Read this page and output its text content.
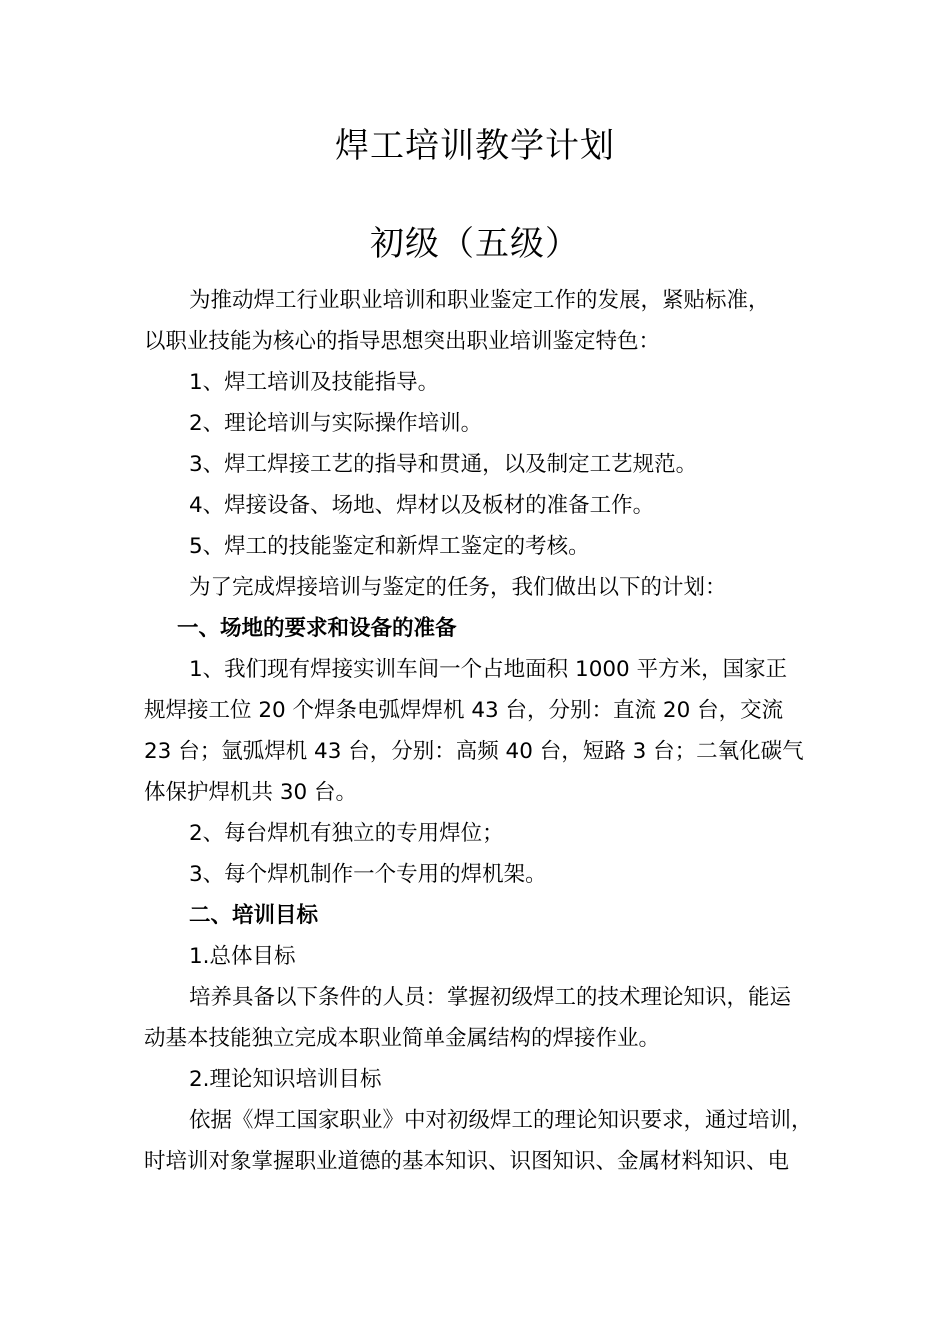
焊工培训教学计划
初级（五级）
为推动焊工行业职业培训和职业鉴定工作的发展，紧贴标准，
以职业技能为核心的指导思想突出职业培训鉴定特色：
1、焊工培训及技能指导。
2、理论培训与实际操作培训。
3、焊工焊接工艺的指导和贯通，以及制定工艺规范。
4、焊接设备、场地、焊材以及板材的准备工作。
5、焊工的技能鉴定和新焊工鉴定的考核。
为了完成焊接培训与鉴定的任务，我们做出以下的计划：
一、场地的要求和设备的准备
1、我们现有焊接实训车间一个占地面积 1000 平方米，国家正
规焊接工位 20 个焊条电弧焊焊机 43 台，分别：直流 20 台，交流
23 台；氩弧焊机 43 台，分别：高频 40 台，短路 3 台；二氧化碳气
体保护焊机共 30 台。
2、每台焊机有独立的专用焊位；
3、每个焊机制作一个专用的焊机架。
二、培训目标
1.总体目标
培养具备以下条件的人员：掌握初级焊工的技术理论知识，能运
动基本技能独立完成本职业简单金属结构的焊接作业。
2.理论知识培训目标
依据《焊工国家职业》中对初级焊工的理论知识要求，通过培训，
时培训对象掌握职业道德的基本知识、识图知识、金属材料知识、电
